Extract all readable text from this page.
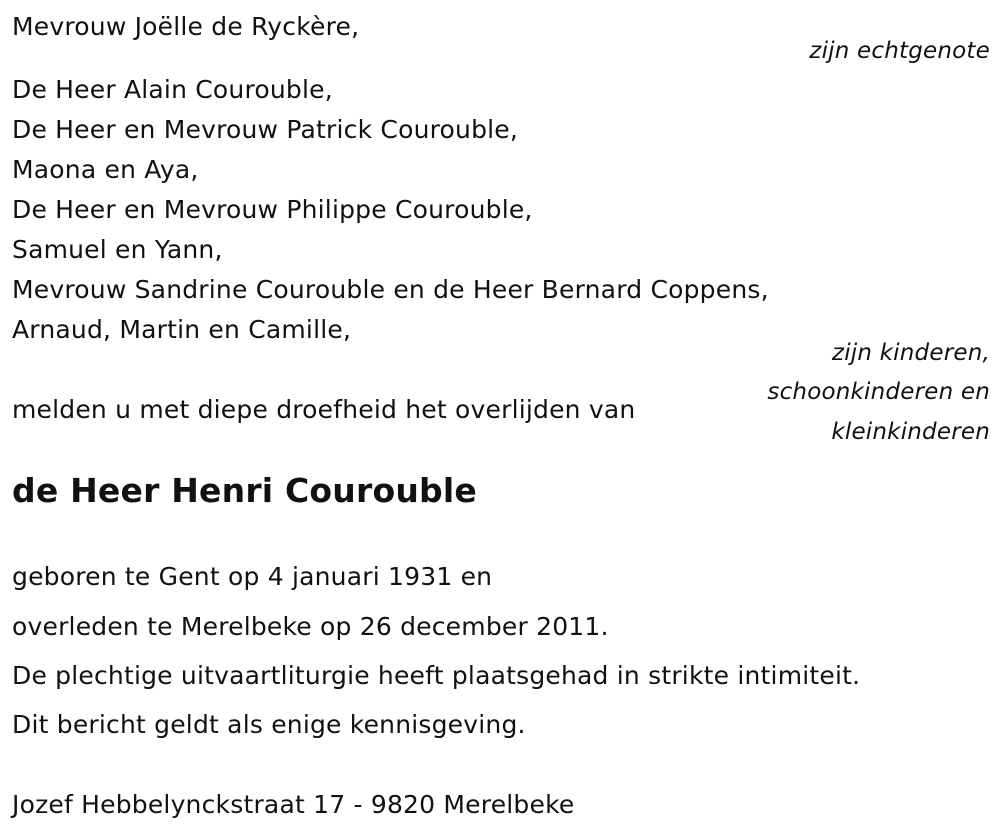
Mevrouw Joëlle de Ryckère,
zijn echtgenote
De Heer Alain Courouble,
De Heer en Mevrouw Patrick Courouble,
Maona en Aya,
De Heer en Mevrouw Philippe Courouble,
Samuel en Yann,
Mevrouw Sandrine Courouble en de Heer Bernard Coppens,
Arnaud, Martin en Camille,
zijn kinderen,
schoonkinderen en
kleinkinderen
melden u met diepe droefheid het overlijden van
de Heer Henri Courouble
geboren te Gent op 4 januari 1931 en
overleden te Merelbeke op 26 december 2011.
De plechtige uitvaartliturgie heeft plaatsgehad in strikte intimiteit.
Dit bericht geldt als enige kennisgeving.
Jozef Hebbelynckstraat 17 - 9820 Merelbeke
